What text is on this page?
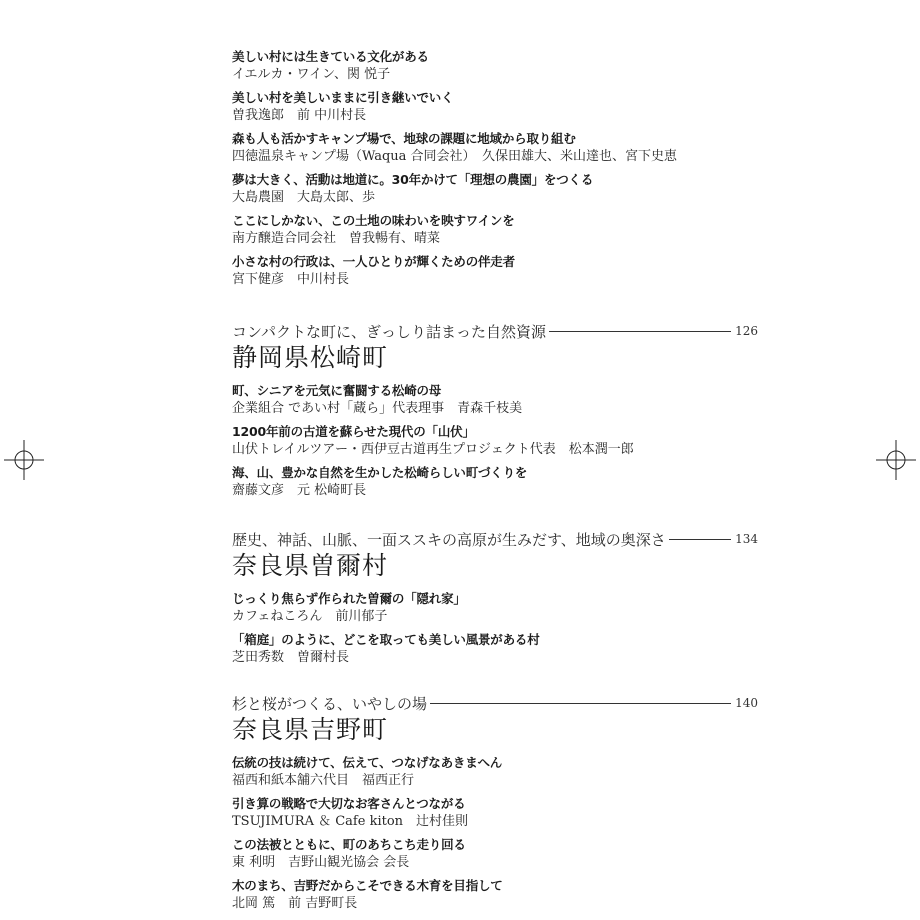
美しい村には生きている文化がある
イエルカ・ワイン、関 悦子
美しい村を美しいままに引き継いでいく
曽我逸郎　前 中川村長
森も人も活かすキャンプ場で、地球の課題に地域から取り組む
四徳温泉キャンプ場（Waqua 合同会社）　久保田雄大、米山達也、宮下史恵
夢は大きく、活動は地道に。30年かけて「理想の農園」をつくる
大島農園　大島太郎、歩
ここにしかない、この土地の味わいを映すワインを
南方醸造合同会社　曽我暢有、晴菜
小さな村の行政は、一人ひとりが輝くための伴走者
宮下健彦　中川村長
コンパクトな町に、ぎっしり詰まった自然資源	126
静岡県松崎町
町、シニアを元気に奮闘する松崎の母
企業組合 であい村「蔵ら」代表理事　青森千枝美
1200年前の古道を蘇らせた現代の「山伏」
山伏トレイルツアー・西伊豆古道再生プロジェクト代表　松本潤一郎
海、山、豊かな自然を生かした松崎らしい町づくりを
齋藤文彦　元 松崎町長
歴史、神話、山脈、一面ススキの高原が生みだす、地域の奥深さ	134
奈良県曽爾村
じっくり焦らず作られた曽爾の「隠れ家」
カフェねころん　前川郁子
「箱庭」のように、どこを取っても美しい風景がある村
芝田秀数　曽爾村長
杉と桜がつくる、いやしの場	140
奈良県吉野町
伝統の技は続けて、伝えて、つなげなあきまへん
福西和紙本舗六代目　福西正行
引き算の戦略で大切なお客さんとつながる
TSUJIMURA ＆ Cafe kiton　辻村佳則
この法被とともに、町のあちこち走り回る
東 利明　吉野山観光協会 会長
木のまち、吉野だからこそできる木育を目指して
北岡 篤　前 吉野町長
